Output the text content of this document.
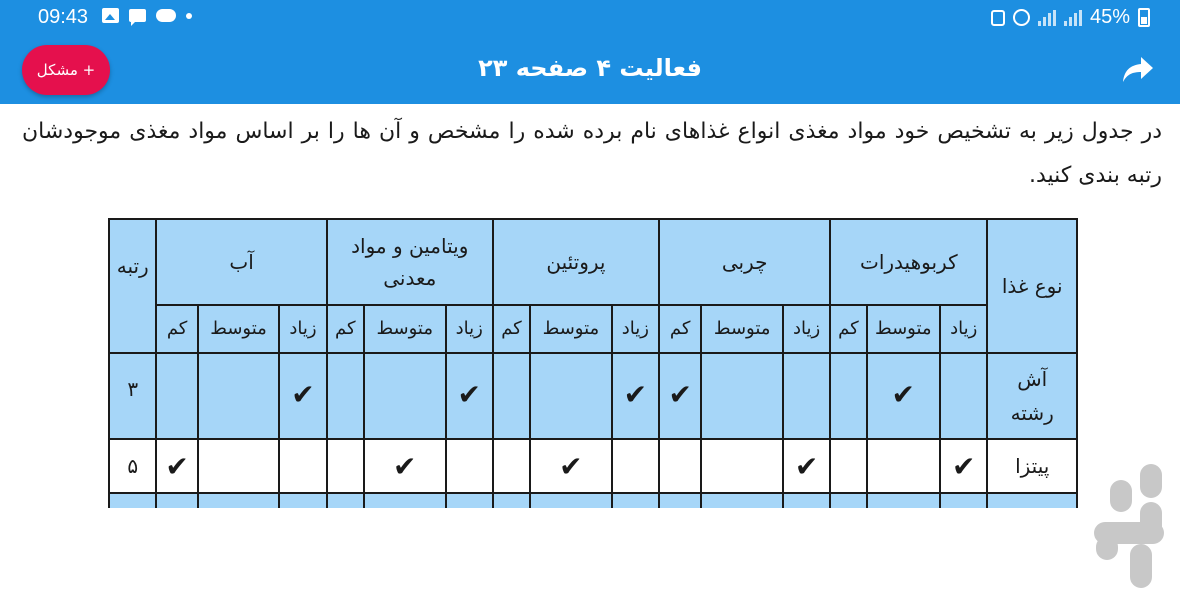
09:43	45%
+ مشکل	فعالیت ۴ صفحه ۲۳

در جدول زیر به تشخیص خود مواد مغذی انواع غذاهای نام برده شده را مشخص و آن ها را بر اساس مواد مغذی موجودشان رتبه بندی کنید.

نوع غذا	کربوهیدرات			چربی			پروتئین			ویتامین و مواد معدنی			آب			رتبه
	زیاد	متوسط	کم	زیاد	متوسط	کم	زیاد	متوسط	کم	زیاد	متوسط	کم	زیاد	متوسط	کم	
آش رشته		✔				✔	✔			✔			✔			۳
پیتزا	✔			✔				✔			✔				✔	۵
